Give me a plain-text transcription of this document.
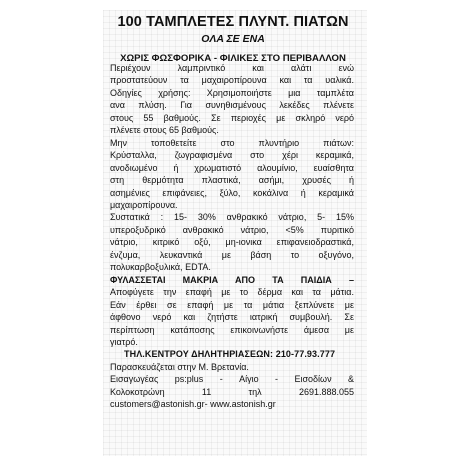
100 ΤΑΜΠΛΕΤΕΣ ΠΛΥΝΤ. ΠΙΑΤΩΝ
ΟΛΑ ΣΕ ΕΝΑ
ΧΩΡΙΣ ΦΩΣΦΟΡΙΚΑ - ΦΙΛΙΚΕΣ ΣΤΟ ΠΕΡΙΒΑΛΛΟΝ

Περιέχουν λαμπριντικό και αλάτι ενώ

προστατεύουν τα μαχαιροπίρουνα και τα υαλικά.

Οδηγίες χρήσης: Χρησιμοποιήστε μια ταμπλέτα

ανα πλύση. Για συνηθισμένους λεκέδες πλένετε

στους 55 βαθμούς. Σε περιοχές με σκληρό νερό

πλένετε στους 65 βαθμούς.

Μην τοποθετείτε στο πλυντήριο πιάτων:

Κρύσταλλα, ζωγραφισμένα στο χέρι κεραμικά,

ανοδιωμένο ή χρωματιστό αλουμίνιο, ευαίσθητα

στη θερμότητα πλαστικά, ασήμι, χρυσές ή

ασημένιες επιφάνειες, ξύλο, κοκάλινα ή κεραμικά

μαχαιροπίρουνα.

Συστατικά : 15- 30% ανθρακικό νάτριο, 5- 15%

υπεροξυδρικό ανθρακικό νάτριο, <5% πυριτικό

νάτριο, κιτρικό οξύ, μη-ιονικα επιφανειοδραστικά,

ένζυμα, λευκαντικά με βάση το οξυγόνο,

πολυκαρβοξυλικά, EDTA.

ΦΥΛΑΣΣΕΤΑΙ ΜΑΚΡΙΑ ΑΠΟ ΤΑ ΠΑΙΔΙΑ –

Αποφύγετε την επαφή με το δέρμα και τα μάτια.

Εάν έρθει σε επαφή με τα μάτια ξεπλύνετε με

άφθονο νερό και ζητήστε ιατρική συμβουλή. Σε

περίπτωση κατάποσης επικοινωνήστε άμεσα με

γιατρό.

ΤΗΛ.ΚΕΝΤΡΟΥ ΔΗΛΗΤΗΡΙΑΣΕΩΝ: 210-77.93.777

Παρασκευάζεται στην Μ. Βρετανία.

Εισαγωγέας ps:plus - Αίγιο - Εισοδίων &

Κολοκοτρώνη 11 τηλ 2691.888.055

customers@astonish.gr- www.astonish.gr
